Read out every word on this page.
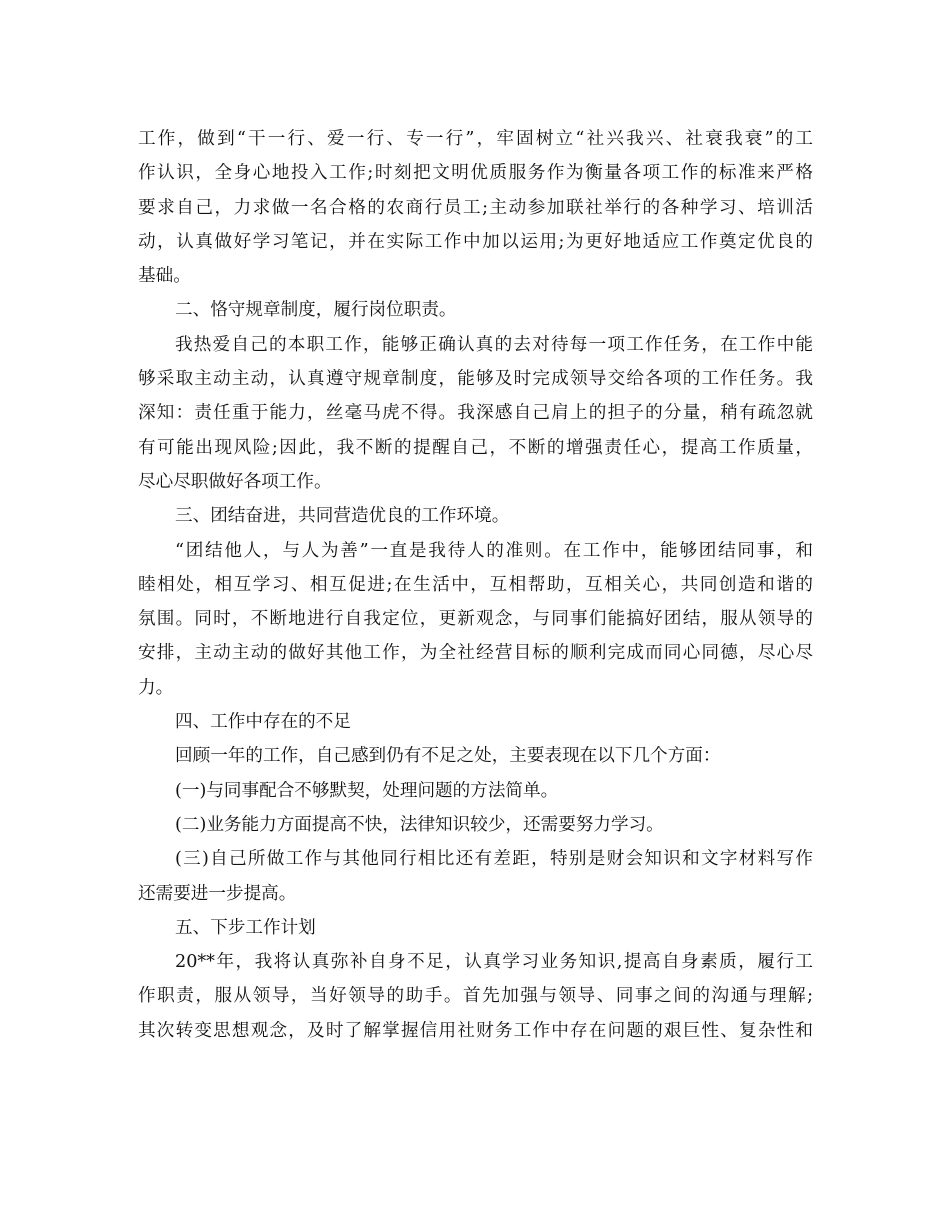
工作，做到“干一行、爱一行、专一行”，牢固树立“社兴我兴、社衰我衰”的工
作认识，全身心地投入工作;时刻把文明优质服务作为衡量各项工作的标准来严格
要求自己，力求做一名合格的农商行员工;主动参加联社举行的各种学习、培训活
动，认真做好学习笔记，并在实际工作中加以运用;为更好地适应工作奠定优良的
基础。
二、恪守规章制度，履行岗位职责。
我热爱自己的本职工作，能够正确认真的去对待每一项工作任务，在工作中能
够采取主动主动，认真遵守规章制度，能够及时完成领导交给各项的工作任务。我
深知：责任重于能力，丝毫马虎不得。我深感自己肩上的担子的分量，稍有疏忽就
有可能出现风险;因此，我不断的提醒自己，不断的增强责任心，提高工作质量，
尽心尽职做好各项工作。
三、团结奋进，共同营造优良的工作环境。
“团结他人，与人为善”一直是我待人的准则。在工作中，能够团结同事，和
睦相处，相互学习、相互促进;在生活中，互相帮助，互相关心，共同创造和谐的
氛围。同时，不断地进行自我定位，更新观念，与同事们能搞好团结，服从领导的
安排，主动主动的做好其他工作，为全社经营目标的顺利完成而同心同德，尽心尽
力。
四、工作中存在的不足
回顾一年的工作，自己感到仍有不足之处，主要表现在以下几个方面：
(一)与同事配合不够默契，处理问题的方法简单。
(二)业务能力方面提高不快，法律知识较少，还需要努力学习。
(三)自己所做工作与其他同行相比还有差距，特别是财会知识和文字材料写作
还需要进一步提高。
五、下步工作计划
20**年，我将认真弥补自身不足，认真学习业务知识,提高自身素质，履行工
作职责，服从领导，当好领导的助手。首先加强与领导、同事之间的沟通与理解;
其次转变思想观念，及时了解掌握信用社财务工作中存在问题的艰巨性、复杂性和
